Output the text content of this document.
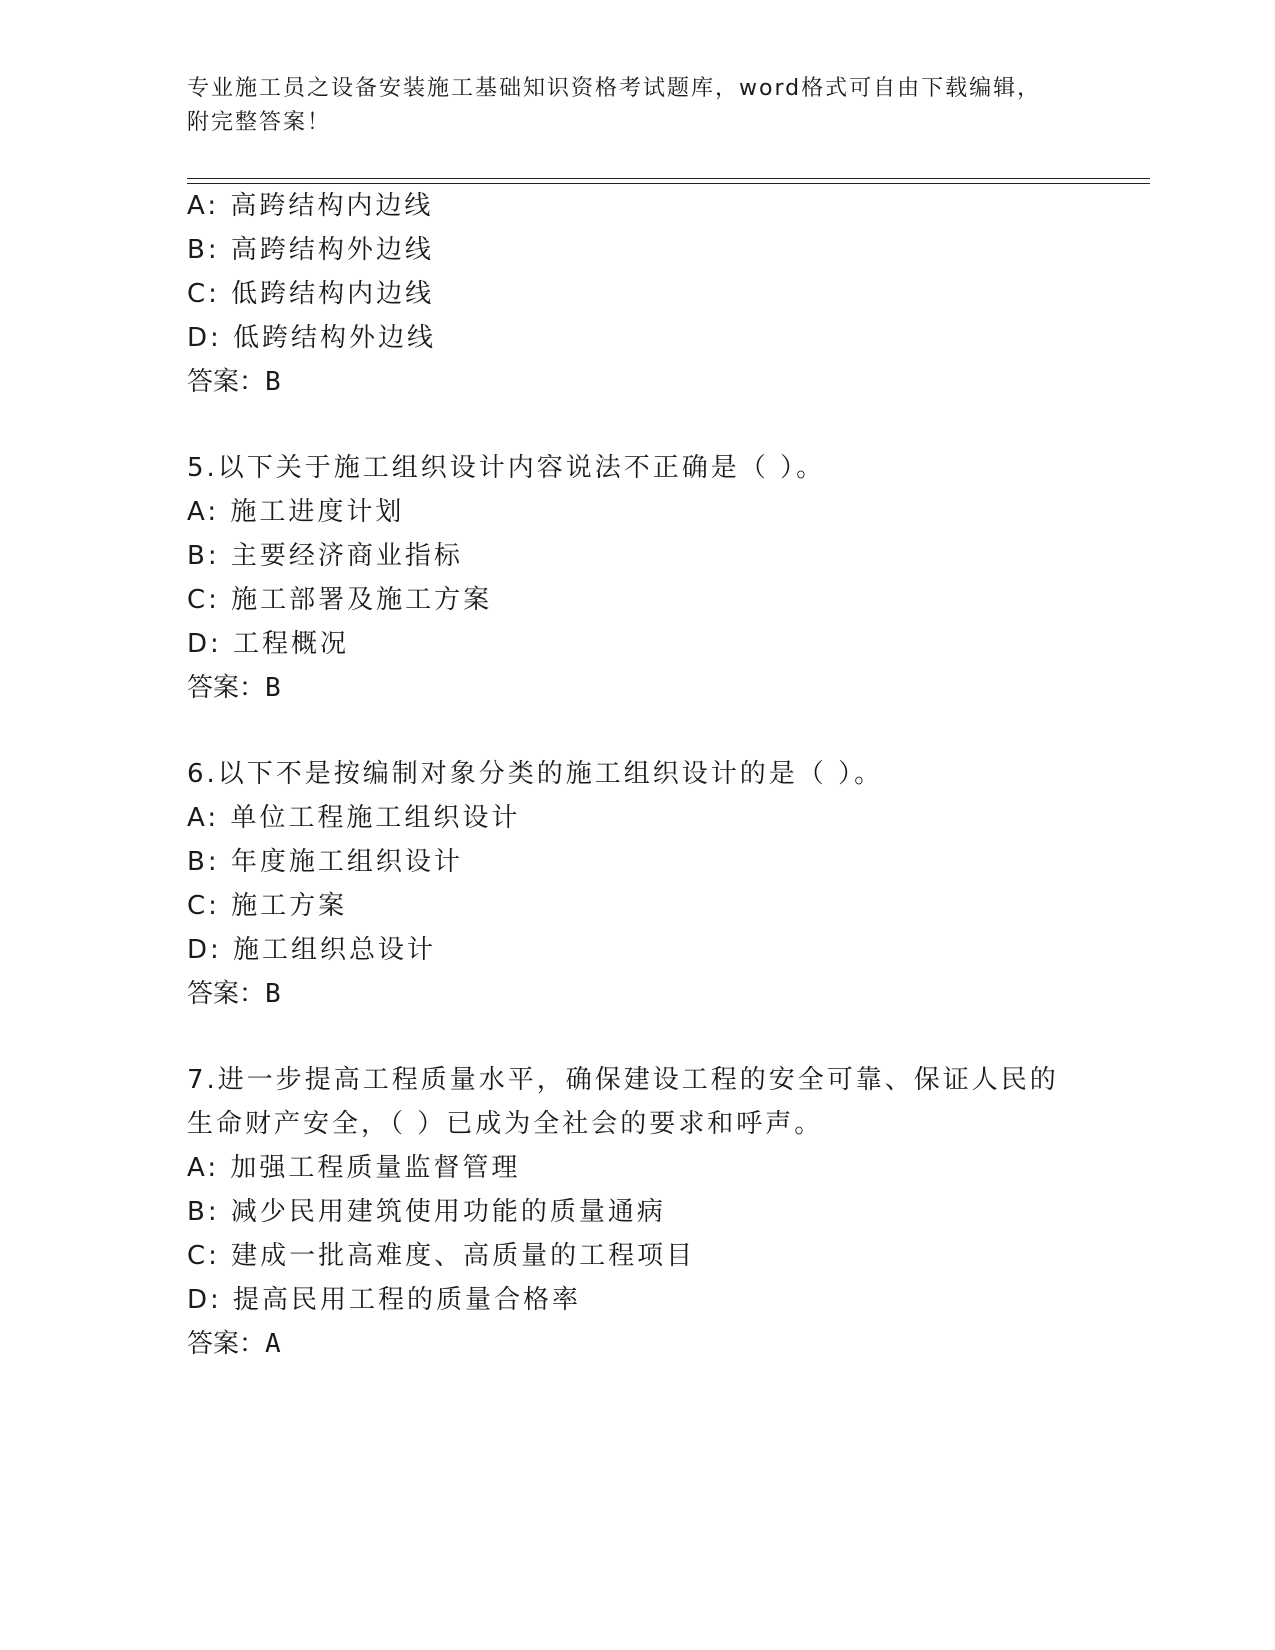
专业施工员之设备安装施工基础知识资格考试题库，word格式可自由下载编辑，
附完整答案！
A: 高跨结构内边线
B: 高跨结构外边线
C: 低跨结构内边线
D: 低跨结构外边线
答案：B
5.以下关于施工组织设计内容说法不正确是（ ）。
A: 施工进度计划
B: 主要经济商业指标
C: 施工部署及施工方案
D: 工程概况
答案：B
6.以下不是按编制对象分类的施工组织设计的是（ ）。
A: 单位工程施工组织设计
B: 年度施工组织设计
C: 施工方案
D: 施工组织总设计
答案：B
7.进一步提高工程质量水平，确保建设工程的安全可靠、保证人民的
生命财产安全，（ ）已成为全社会的要求和呼声。
A: 加强工程质量监督管理
B: 减少民用建筑使用功能的质量通病
C: 建成一批高难度、高质量的工程项目
D: 提高民用工程的质量合格率
答案：A
